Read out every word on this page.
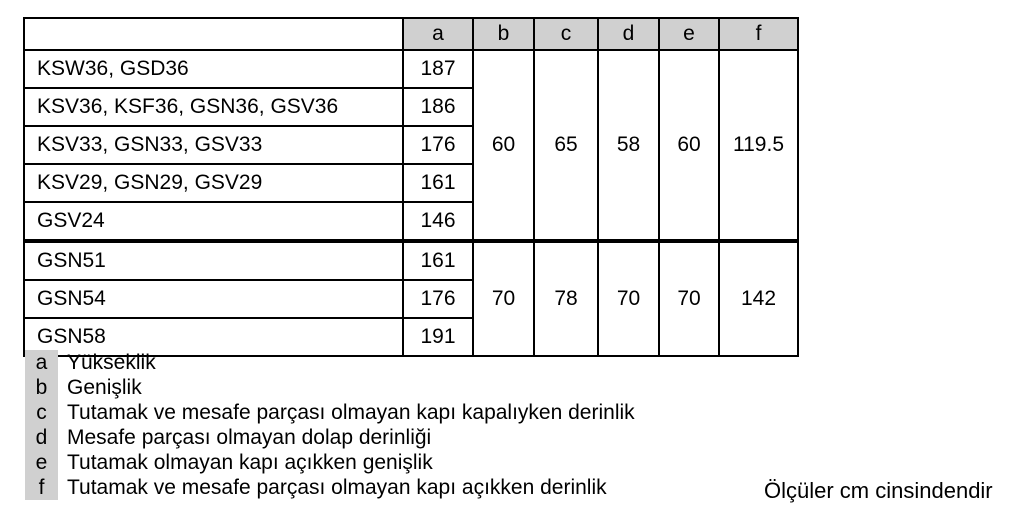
	a	b	c	d	e	f
KSW36, GSD36	187	60	65	58	60	119.5
KSV36, KSF36, GSN36, GSV36	186					
KSV33, GSN33, GSV33	176					
KSV29, GSN29, GSV29	161					
GSV24	146					
GSN51	161	70	78	70	70	142
GSN54	176					
GSN58	191					
a Yükseklik
b Genişlik
c Tutamak ve mesafe parçası olmayan kapı kapalıyken derinlik
d Mesafe parçası olmayan dolap derinliği
e Tutamak olmayan kapı açıkken genişlik
f	Tutamak ve mesafe parçası olmayan kapı açıkken derinlik	Ölçüler cm cinsindendir
